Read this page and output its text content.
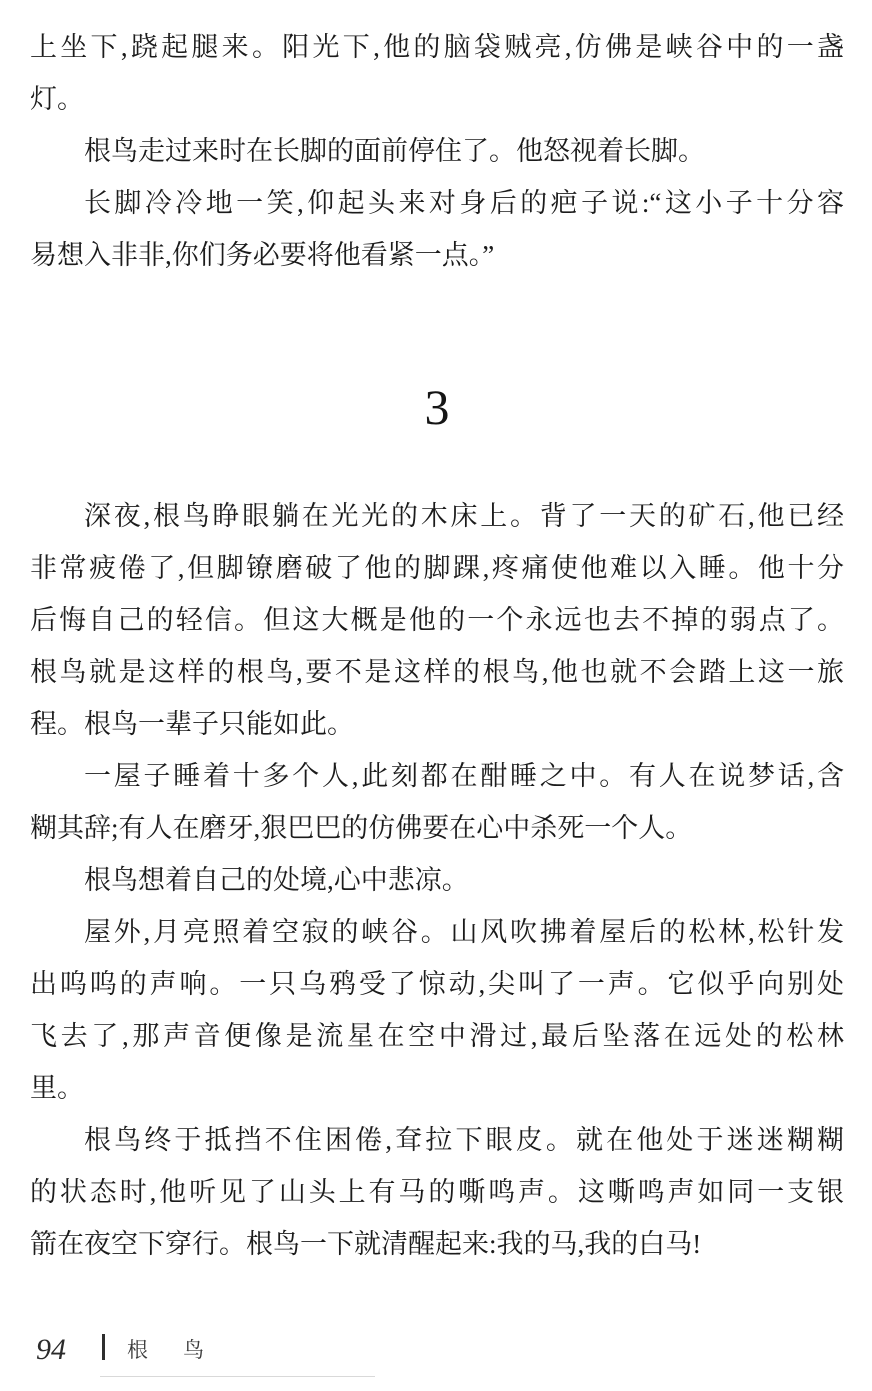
上坐下,跷起腿来。阳光下,他的脑袋贼亮,仿佛是峡谷中的一盏
灯。
根鸟走过来时在长脚的面前停住了。他怒视着长脚。
长脚冷冷地一笑,仰起头来对身后的疤子说:“这小子十分容
易想入非非,你们务必要将他看紧一点。”
3
深夜,根鸟睁眼躺在光光的木床上。背了一天的矿石,他已经
非常疲倦了,但脚镣磨破了他的脚踝,疼痛使他难以入睡。他十分
后悔自己的轻信。但这大概是他的一个永远也去不掉的弱点了。
根鸟就是这样的根鸟,要不是这样的根鸟,他也就不会踏上这一旅
程。根鸟一辈子只能如此。
一屋子睡着十多个人,此刻都在酣睡之中。有人在说梦话,含
糊其辞;有人在磨牙,狠巴巴的仿佛要在心中杀死一个人。
根鸟想着自己的处境,心中悲凉。
屋外,月亮照着空寂的峡谷。山风吹拂着屋后的松林,松针发
出呜呜的声响。一只乌鸦受了惊动,尖叫了一声。它似乎向别处
飞去了,那声音便像是流星在空中滑过,最后坠落在远处的松林
里。
根鸟终于抵挡不住困倦,耷拉下眼皮。就在他处于迷迷糊糊
的状态时,他听见了山头上有马的嘶鸣声。这嘶鸣声如同一支银
箭在夜空下穿行。根鸟一下就清醒起来:我的马,我的白马!
94	根　鸟
